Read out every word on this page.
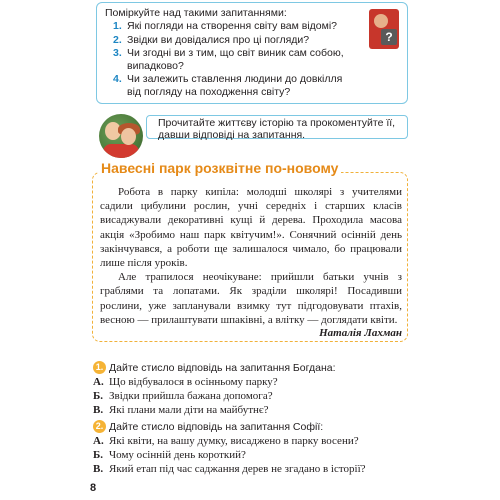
Поміркуйте над такими запитаннями:
1. Які погляди на створення світу вам відомі?
2. Звідки ви довідалися про ці погляди?
3. Чи згодні ви з тим, що світ виник сам собою, випадково?
4. Чи залежить ставлення людини до довкілля від погляду на походження світу?
?
Прочитайте життєву історію та прокоментуйте її, давши відповіді на запитання.
Навесні парк розквітне по-новому

Робота в парку кипіла: молодші школярі з учителями садили цибулини рослин, учні середніх і старших класів висаджували декоративні кущі й дерева. Проходила масова акція «Зробимо наш парк квітучим!». Сонячний осінній день закінчувався, а роботи ще залишалося чимало, бо працювали лише після уроків.

Але трапилося неочікуване: прийшли батьки учнів з граблями та лопатами. Як зраділи школярі! Посадивши рослини, уже запланували взимку тут підгодовувати птахів, весною — прилаштувати шпаківні, а влітку — доглядати квіти.

Наталія Лахман
1. Дайте стисло відповідь на запитання Богдана:
А. Що відбувалося в осінньому парку?
Б. Звідки прийшла бажана допомога?
В. Які плани мали діти на майбутнє?
2. Дайте стисло відповідь на запитання Софії:
А. Які квіти, на вашу думку, висаджено в парку восени?
Б. Чому осінній день короткий?
В. Який етап під час саджання дерев не згадано в історії?
8
